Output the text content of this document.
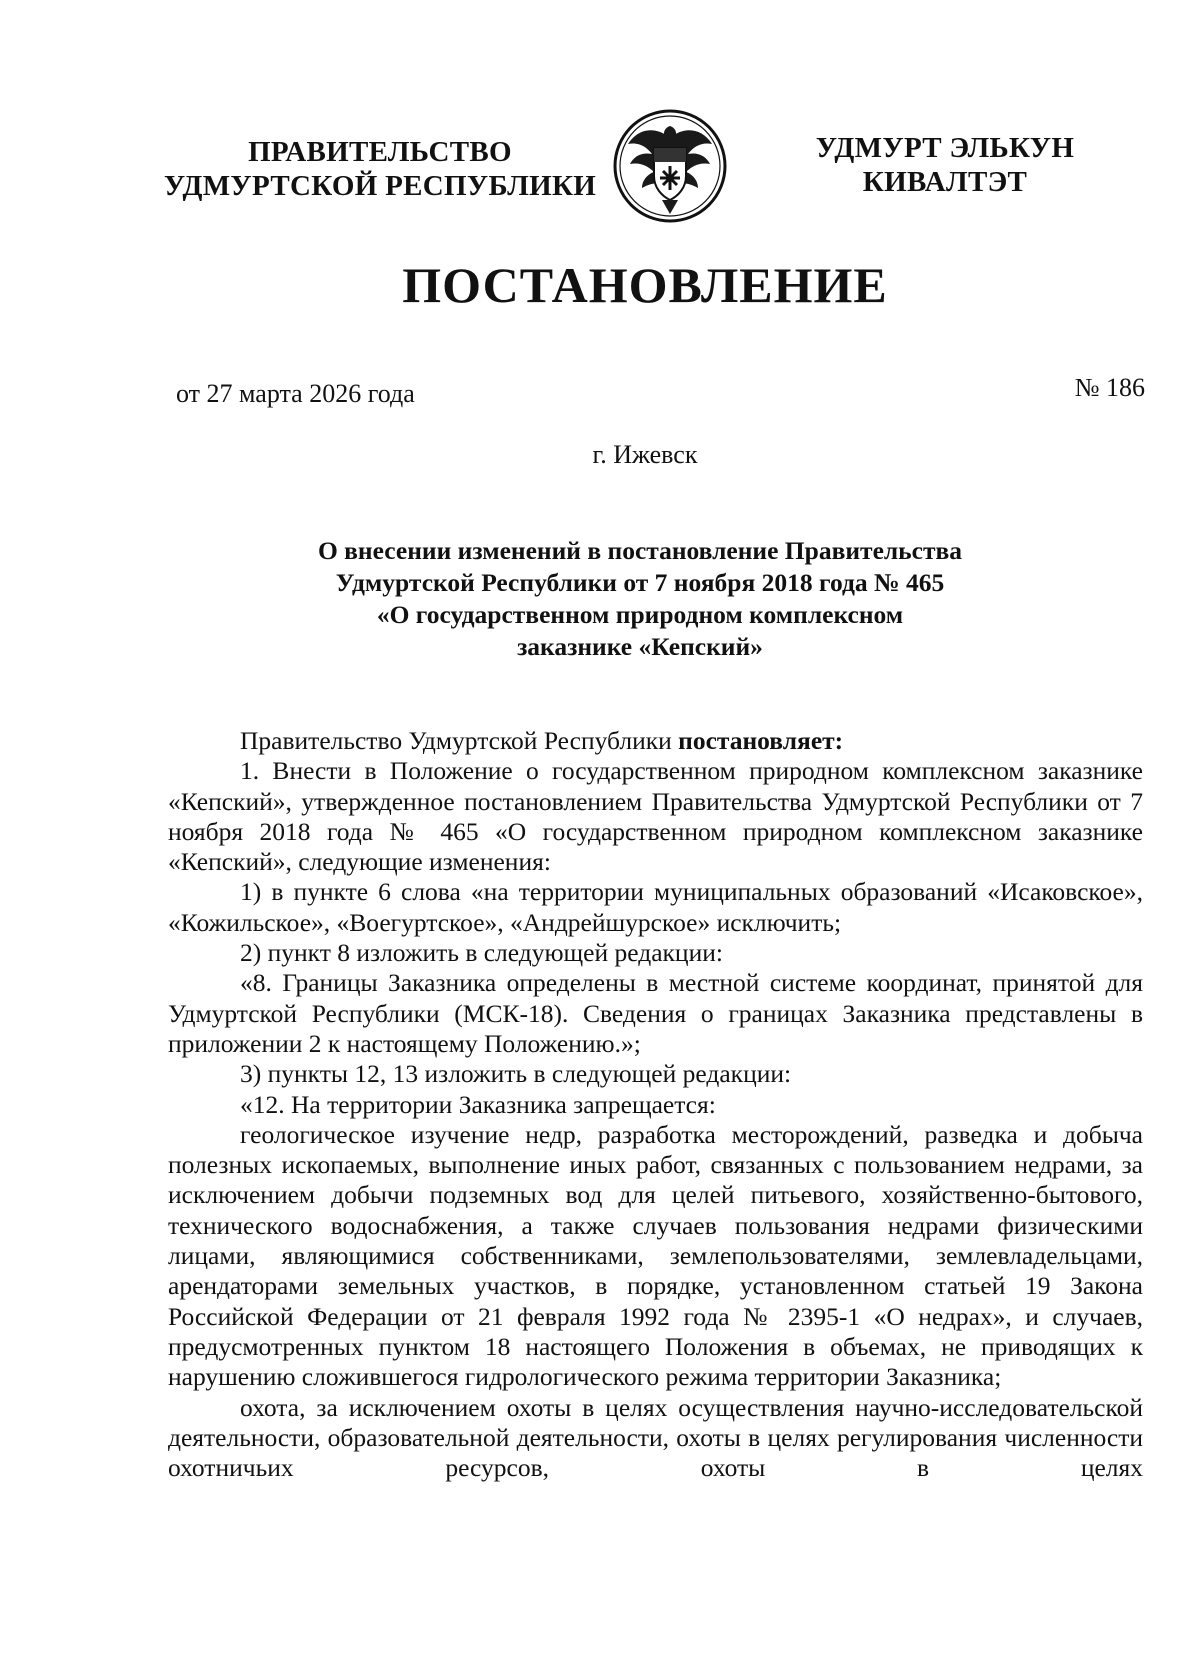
ПРАВИТЕЛЬСТВО
УДМУРТСКОЙ РЕСПУБЛИКИ
УДМУРТ ЭЛЬКУН
КИВАЛТЭТ
ПОСТАНОВЛЕНИЕ
от 27 марта 2026 года	№ 186
г. Ижевск
О внесении изменений в постановление Правительства
Удмуртской Республики от 7 ноября 2018 года № 465
«О государственном природном комплексном
заказнике «Кепский»

Правительство Удмуртской Республики постановляет:

1. Внести в Положение о государственном природном комплексном заказнике «Кепский», утвержденное постановлением Правительства Удмуртской Республики от 7 ноября 2018 года № 465 «О государственном природном комплексном заказнике «Кепский», следующие изменения:

1) в пункте 6 слова «на территории муниципальных образований «Исаковское», «Кожильское», «Воегуртское», «Андрейшурское» исключить;

2) пункт 8 изложить в следующей редакции:

«8. Границы Заказника определены в местной системе координат, принятой для Удмуртской Республики (МСК-18). Сведения о границах Заказника представлены в приложении 2 к настоящему Положению.»;

3) пункты 12, 13 изложить в следующей редакции:

«12. На территории Заказника запрещается:

геологическое изучение недр, разработка месторождений, разведка и добыча полезных ископаемых, выполнение иных работ, связанных с пользованием недрами, за исключением добычи подземных вод для целей питьевого, хозяйственно-бытового, технического водоснабжения, а также случаев пользования недрами физическими лицами, являющимися собственниками, землепользователями, землевладельцами, арендаторами земельных участков, в порядке, установленном статьей 19 Закона Российской Федерации от 21 февраля 1992 года № 2395-1 «О недрах», и случаев, предусмотренных пунктом 18 настоящего Положения в объемах, не приводящих к нарушению сложившегося гидрологического режима территории Заказника;

охота, за исключением охоты в целях осуществления научно-исследовательской деятельности, образовательной деятельности, охоты в целях регулирования численности охотничьих ресурсов, охоты в целях
